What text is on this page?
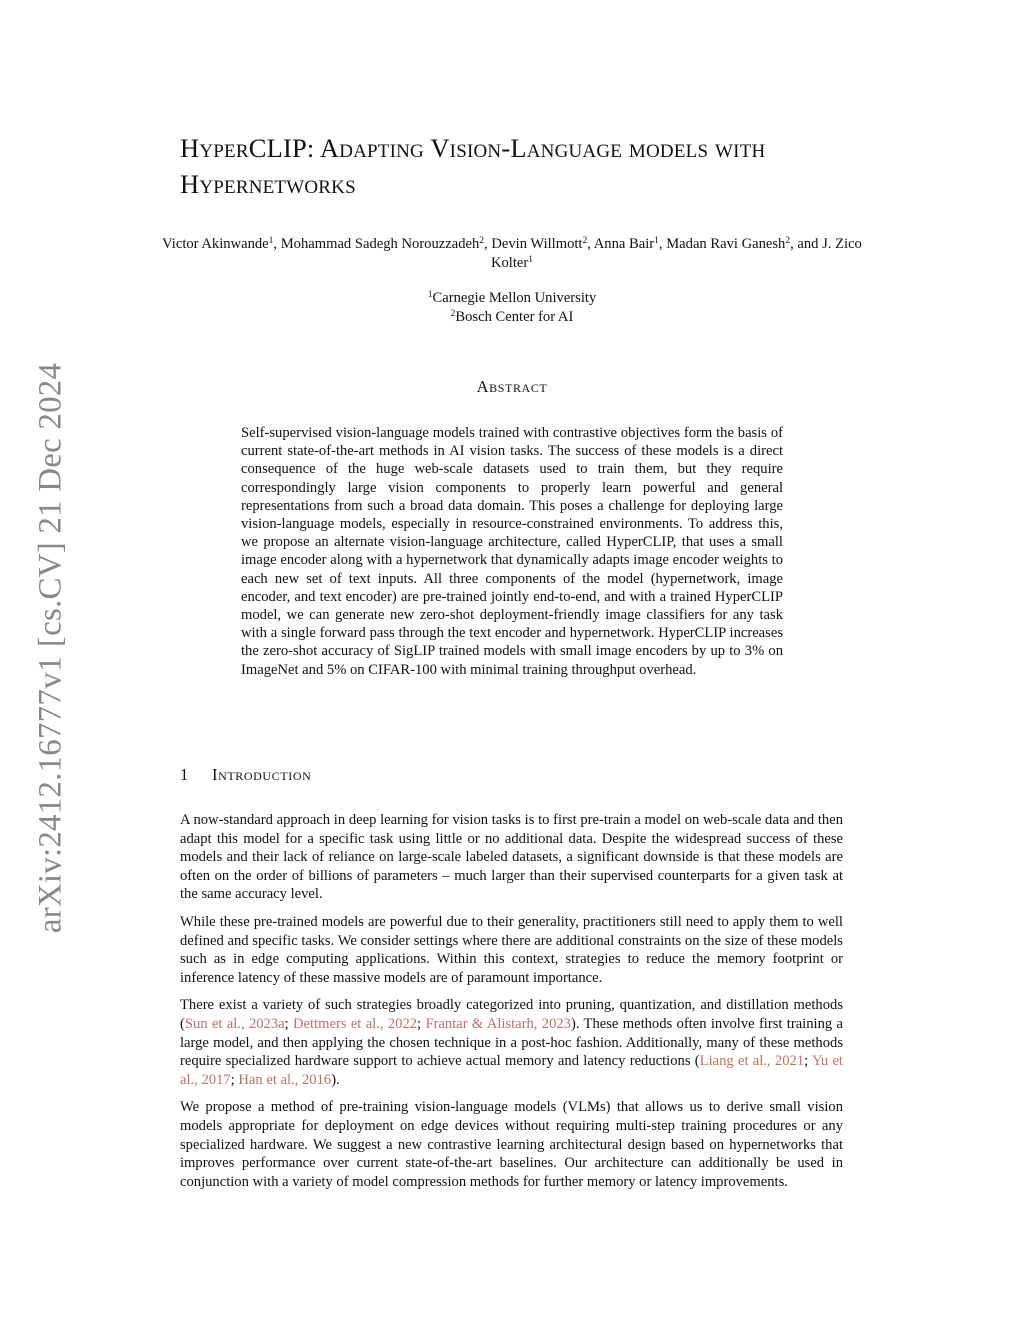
arXiv:2412.16777v1 [cs.CV] 21 Dec 2024
HyperCLIP: Adapting Vision-Language models with Hypernetworks
Victor Akinwande$^1$, Mohammad Sadegh Norouzzadeh$^2$, Devin Willmott$^2$, Anna Bair$^1$, Madan Ravi Ganesh$^2$, and J. Zico Kolter$^1$
$^1$Carnegie Mellon University
$^2$Bosch Center for AI
Abstract

Self-supervised vision-language models trained with contrastive objectives form the basis of current state-of-the-art methods in AI vision tasks. The success of these models is a direct consequence of the huge web-scale datasets used to train them, but they require correspondingly large vision components to properly learn powerful and general representations from such a broad data domain. This poses a challenge for deploying large vision-language models, especially in resource-constrained environments. To address this, we propose an alternate vision-language architecture, called HyperCLIP, that uses a small image encoder along with a hypernetwork that dynamically adapts image encoder weights to each new set of text inputs. All three components of the model (hypernetwork, image encoder, and text encoder) are pre-trained jointly end-to-end, and with a trained HyperCLIP model, we can generate new zero-shot deployment-friendly image classifiers for any task with a single forward pass through the text encoder and hypernetwork. HyperCLIP increases the zero-shot accuracy of SigLIP trained models with small image encoders by up to 3% on ImageNet and 5% on CIFAR-100 with minimal training throughput overhead.

1 Introduction

A now-standard approach in deep learning for vision tasks is to first pre-train a model on web-scale data and then adapt this model for a specific task using little or no additional data. Despite the widespread success of these models and their lack of reliance on large-scale labeled datasets, a significant downside is that these models are often on the order of billions of parameters – much larger than their supervised counterparts for a given task at the same accuracy level.

While these pre-trained models are powerful due to their generality, practitioners still need to apply them to well defined and specific tasks. We consider settings where there are additional constraints on the size of these models such as in edge computing applications. Within this context, strategies to reduce the memory footprint or inference latency of these massive models are of paramount importance.

There exist a variety of such strategies broadly categorized into pruning, quantization, and distillation methods (Sun et al., 2023a; Dettmers et al., 2022; Frantar & Alistarh, 2023). These methods often involve first training a large model, and then applying the chosen technique in a post-hoc fashion. Additionally, many of these methods require specialized hardware support to achieve actual memory and latency reductions (Liang et al., 2021; Yu et al., 2017; Han et al., 2016).

We propose a method of pre-training vision-language models (VLMs) that allows us to derive small vision models appropriate for deployment on edge devices without requiring multi-step training procedures or any specialized hardware. We suggest a new contrastive learning architectural design based on hypernetworks that improves performance over current state-of-the-art baselines. Our architecture can additionally be used in conjunction with a variety of model compression methods for further memory or latency improvements.
